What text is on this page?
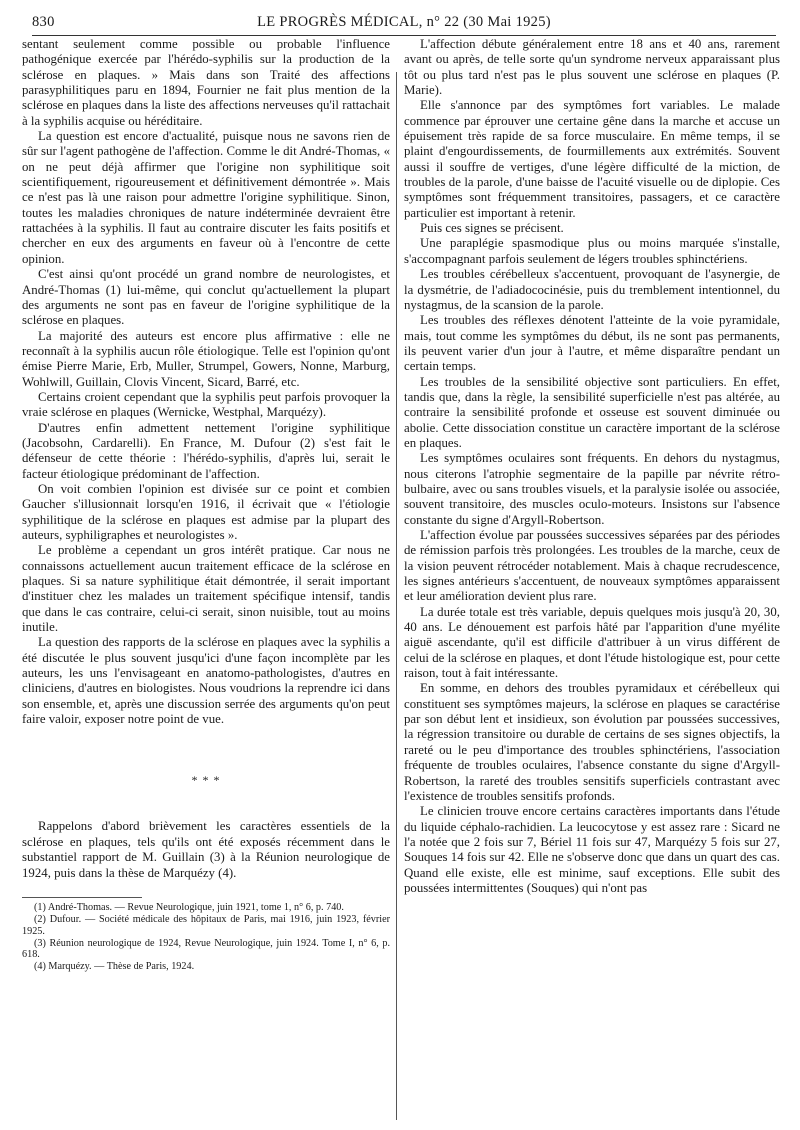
830	LE PROGRÈS MÉDICAL, n° 22 (30 Mai 1925)

sentant seulement comme possible ou probable l'influence pathogénique exercée par l'hérédo-syphilis sur la production de la sclérose en plaques. » Mais dans son Traité des affections parasyphilitiques paru en 1894, Fournier ne fait plus mention de la sclérose en plaques dans la liste des affections nerveuses qu'il rattachait à la syphilis acquise ou héréditaire.

La question est encore d'actualité, puisque nous ne savons rien de sûr sur l'agent pathogène de l'affection. Comme le dit André-Thomas, « on ne peut déjà affirmer que l'origine non syphilitique soit scientifiquement, rigoureusement et définitivement démontrée ». Mais ce n'est pas là une raison pour admettre l'origine syphilitique. Sinon, toutes les maladies chroniques de nature indéterminée devraient être rattachées à la syphilis. Il faut au contraire discuter les faits positifs et chercher en eux des arguments en faveur où à l'encontre de cette opinion.

C'est ainsi qu'ont procédé un grand nombre de neurologistes, et André-Thomas (1) lui-même, qui conclut qu'actuellement la plupart des arguments ne sont pas en faveur de l'origine syphilitique de la sclérose en plaques.

La majorité des auteurs est encore plus affirmative : elle ne reconnaît à la syphilis aucun rôle étiologique. Telle est l'opinion qu'ont émise Pierre Marie, Erb, Muller, Strumpel, Gowers, Nonne, Marburg, Wohlwill, Guillain, Clovis Vincent, Sicard, Barré, etc.

Certains croient cependant que la syphilis peut parfois provoquer la vraie sclérose en plaques (Wernicke, Westphal, Marquézy).

D'autres enfin admettent nettement l'origine syphilitique (Jacobsohn, Cardarelli). En France, M. Dufour (2) s'est fait le défenseur de cette théorie : l'hérédo-syphilis, d'après lui, serait le facteur étiologique prédominant de l'affection.

On voit combien l'opinion est divisée sur ce point et combien Gaucher s'illusionnait lorsqu'en 1916, il écrivait que « l'étiologie syphilitique de la sclérose en plaques est admise par la plupart des auteurs, syphiligraphes et neurologistes ».

Le problème a cependant un gros intérêt pratique. Car nous ne connaissons actuellement aucun traitement efficace de la sclérose en plaques. Si sa nature syphilitique était démontrée, il serait important d'instituer chez les malades un traitement spécifique intensif, tandis que dans le cas contraire, celui-ci serait, sinon nuisible, tout au moins inutile.

La question des rapports de la sclérose en plaques avec la syphilis a été discutée le plus souvent jusqu'ici d'une façon incomplète par les auteurs, les uns l'envisageant en anatomo-pathologistes, d'autres en cliniciens, d'autres en biologistes. Nous voudrions la reprendre ici dans son ensemble, et, après une discussion serrée des arguments qu'on peut faire valoir, exposer notre point de vue.

* * *

Rappelons d'abord brièvement les caractères essentiels de la sclérose en plaques, tels qu'ils ont été exposés récemment dans le substantiel rapport de M. Guillain (3) à la Réunion neurologique de 1924, puis dans la thèse de Marquézy (4).

(1) André-Thomas. — Revue Neurologique, juin 1921, tome 1, n° 6, p. 740.

(2) Dufour. — Société médicale des hôpitaux de Paris, mai 1916, juin 1923, février 1925.

(3) Réunion neurologique de 1924, Revue Neurologique, juin 1924. Tome I, n° 6, p. 618.

(4) Marquézy. — Thèse de Paris, 1924.

L'affection débute généralement entre 18 ans et 40 ans, rarement avant ou après, de telle sorte qu'un syndrome nerveux apparaissant plus tôt ou plus tard n'est pas le plus souvent une sclérose en plaques (P. Marie).

Elle s'annonce par des symptômes fort variables. Le malade commence par éprouver une certaine gêne dans la marche et accuse un épuisement très rapide de sa force musculaire. En même temps, il se plaint d'engourdissements, de fourmillements aux extrémités. Souvent aussi il souffre de vertiges, d'une légère difficulté de la miction, de troubles de la parole, d'une baisse de l'acuité visuelle ou de diplopie. Ces symptômes sont fréquemment transitoires, passagers, et ce caractère particulier est important à retenir.

Puis ces signes se précisent.

Une paraplégie spasmodique plus ou moins marquée s'installe, s'accompagnant parfois seulement de légers troubles sphinctériens.

Les troubles cérébelleux s'accentuent, provoquant de l'asynergie, de la dysmétrie, de l'adiadococinésie, puis du tremblement intentionnel, du nystagmus, de la scansion de la parole.

Les troubles des réflexes dénotent l'atteinte de la voie pyramidale, mais, tout comme les symptômes du début, ils ne sont pas permanents, ils peuvent varier d'un jour à l'autre, et même disparaître pendant un certain temps.

Les troubles de la sensibilité objective sont particuliers. En effet, tandis que, dans la règle, la sensibilité superficielle n'est pas altérée, au contraire la sensibilité profonde et osseuse est souvent diminuée ou abolie. Cette dissociation constitue un caractère important de la sclérose en plaques.

Les symptômes oculaires sont fréquents. En dehors du nystagmus, nous citerons l'atrophie segmentaire de la papille par névrite rétro-bulbaire, avec ou sans troubles visuels, et la paralysie isolée ou associée, souvent transitoire, des muscles oculo-moteurs. Insistons sur l'absence constante du signe d'Argyll-Robertson.

L'affection évolue par poussées successives séparées par des périodes de rémission parfois très prolongées. Les troubles de la marche, ceux de la vision peuvent rétrocéder notablement. Mais à chaque recrudescence, les signes antérieurs s'accentuent, de nouveaux symptômes apparaissent et leur amélioration devient plus rare.

La durée totale est très variable, depuis quelques mois jusqu'à 20, 30, 40 ans. Le dénouement est parfois hâté par l'apparition d'une myélite aiguë ascendante, qu'il est difficile d'attribuer à un virus différent de celui de la sclérose en plaques, et dont l'étude histologique est, pour cette raison, tout à fait intéressante.

En somme, en dehors des troubles pyramidaux et cérébelleux qui constituent ses symptômes majeurs, la sclérose en plaques se caractérise par son début lent et insidieux, son évolution par poussées successives, la régression transitoire ou durable de certains de ses signes objectifs, la rareté ou le peu d'importance des troubles sphinctériens, l'association fréquente de troubles oculaires, l'absence constante du signe d'Argyll-Robertson, la rareté des troubles sensitifs superficiels contrastant avec l'existence de troubles sensitifs profonds.

Le clinicien trouve encore certains caractères importants dans l'étude du liquide céphalo-rachidien. La leucocytose y est assez rare : Sicard ne l'a notée que 2 fois sur 7, Bériel 11 fois sur 47, Marquézy 5 fois sur 27, Souques 14 fois sur 42. Elle ne s'observe donc que dans un quart des cas. Quand elle existe, elle est minime, sauf exceptions. Elle subit des poussées intermittentes (Souques) qui n'ont pas
